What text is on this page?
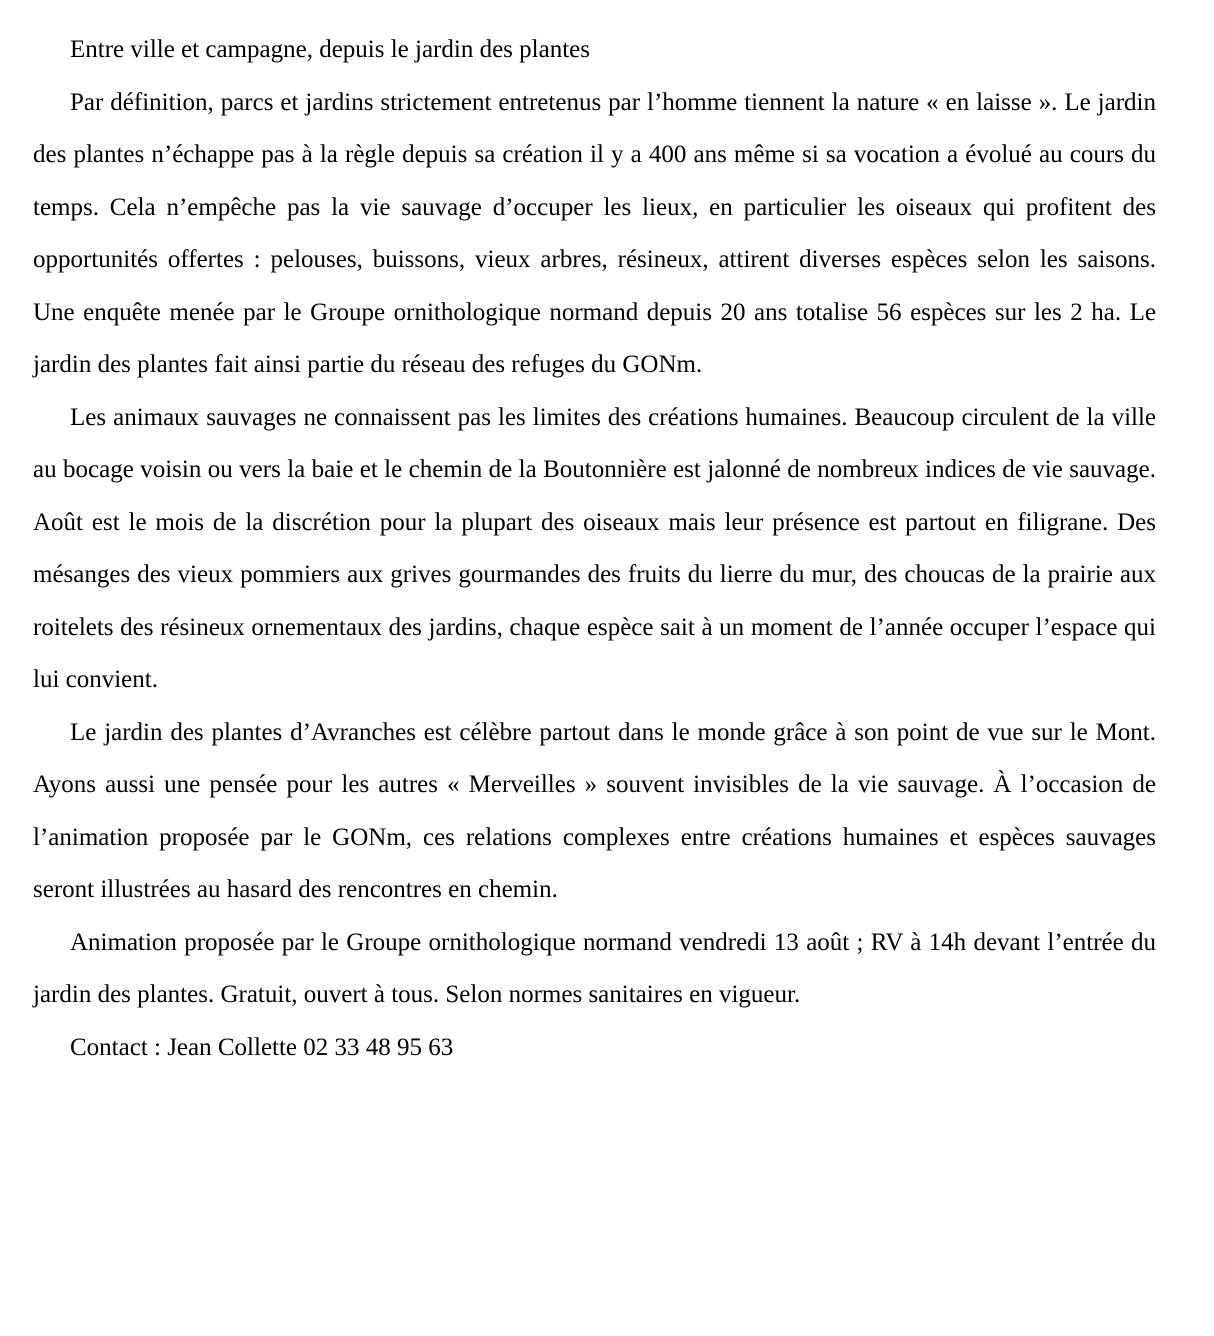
Entre ville et campagne, depuis le jardin des plantes

Par définition, parcs et jardins strictement entretenus par l’homme tiennent la nature « en laisse ». Le jardin des plantes n’échappe pas à la règle depuis sa création il y a 400 ans même si sa vocation a évolué au cours du temps. Cela n’empêche pas la vie sauvage d’occuper les lieux, en particulier les oiseaux qui profitent des opportunités offertes : pelouses, buissons, vieux arbres, résineux, attirent diverses espèces selon les saisons. Une enquête menée par le Groupe ornithologique normand depuis 20 ans totalise 56 espèces sur les 2 ha. Le jardin des plantes fait ainsi partie du réseau des refuges du GONm.

Les animaux sauvages ne connaissent pas les limites des créations humaines. Beaucoup circulent de la ville au bocage voisin ou vers la baie et le chemin de la Boutonnière est jalonné de nombreux indices de vie sauvage. Août est le mois de la discrétion pour la plupart des oiseaux mais leur présence est partout en filigrane. Des mésanges des vieux pommiers aux grives gourmandes des fruits du lierre du mur, des choucas de la prairie aux roitelets des résineux ornementaux des jardins, chaque espèce sait à un moment de l’année occuper l’espace qui lui convient.

Le jardin des plantes d’Avranches est célèbre partout dans le monde grâce à son point de vue sur le Mont. Ayons aussi une pensée pour les autres « Merveilles » souvent invisibles de la vie sauvage. À l’occasion de l’animation proposée par le GONm, ces relations complexes entre créations humaines et espèces sauvages seront illustrées au hasard des rencontres en chemin.

Animation proposée par le Groupe ornithologique normand vendredi 13 août ; RV à 14h devant l’entrée du jardin des plantes. Gratuit, ouvert à tous. Selon normes sanitaires en vigueur.

Contact : Jean Collette 02 33 48 95 63
